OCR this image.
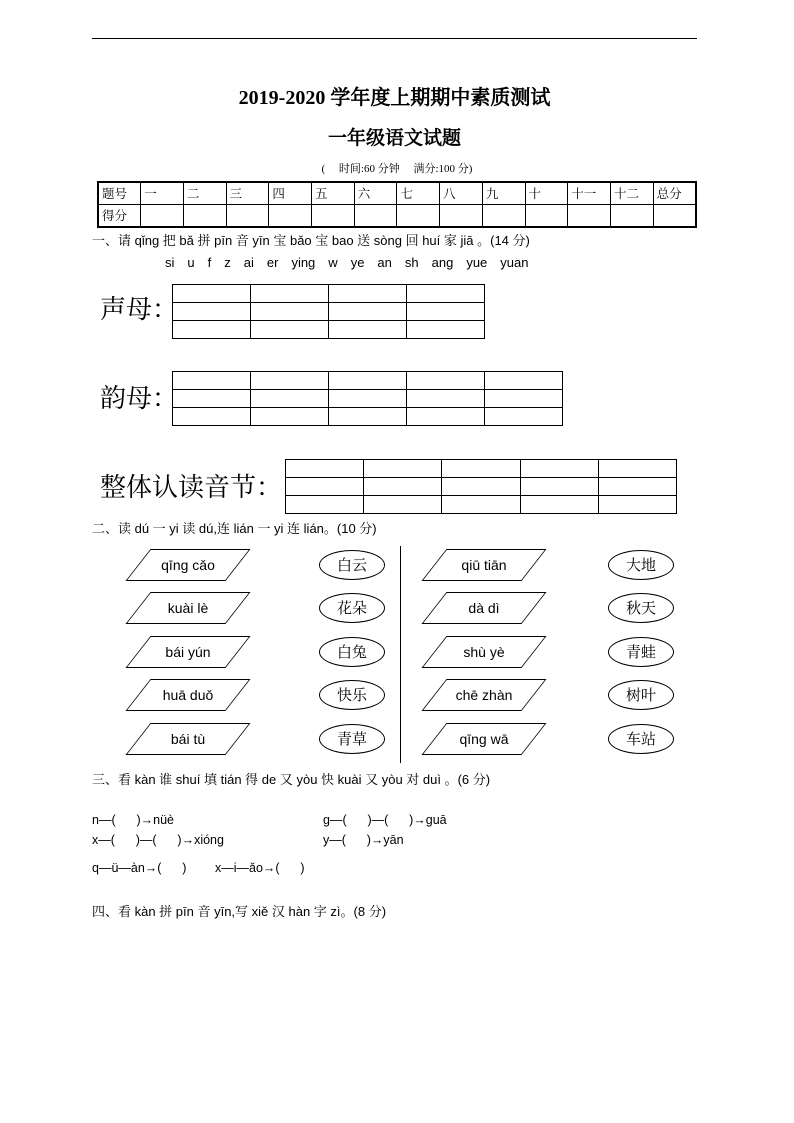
2019-2020 学年度上期期中素质测试
一年级语文试题
(　 时间:60 分钟　 满分:100 分)
题号	一	二	三	四	五	六	七	八	九	十	十一	十二	总分
得分													
一、请 qǐng 把 bǎ 拼 pīn 音 yīn 宝 bǎo 宝 bao 送 sòng 回 huí 家 jiā 。(14 分)
si u f z ai er ying w ye an sh ang yue yuan
声母：

韵母：

整体认读音节：

二、读 dú 一 yi 读 dú,连 lián 一 yi 连 lián。(10 分)
qīng cǎo
kuài lè
bái yún
huā duǒ
bái tù
白云
花朵
白兔
快乐
青草
qiū tiān
dà dì
shù yè
chē zhàn
qīng wā
大地
秋天
青蛙
树叶
车站
三、看 kàn 谁 shuí 填 tián 得 de 又 yòu 快 kuài 又 yòu 对 duì 。(6 分)
n—(      )→nüè	g—(      )—(      )→guā
x—(      )—(      )→xióng	y—(      )→yān
q—ü—àn→(      ) x—i—ǎo→(      )
四、看 kàn 拼 pīn 音 yīn,写 xiě 汉 hàn 字 zì。(8 分)
